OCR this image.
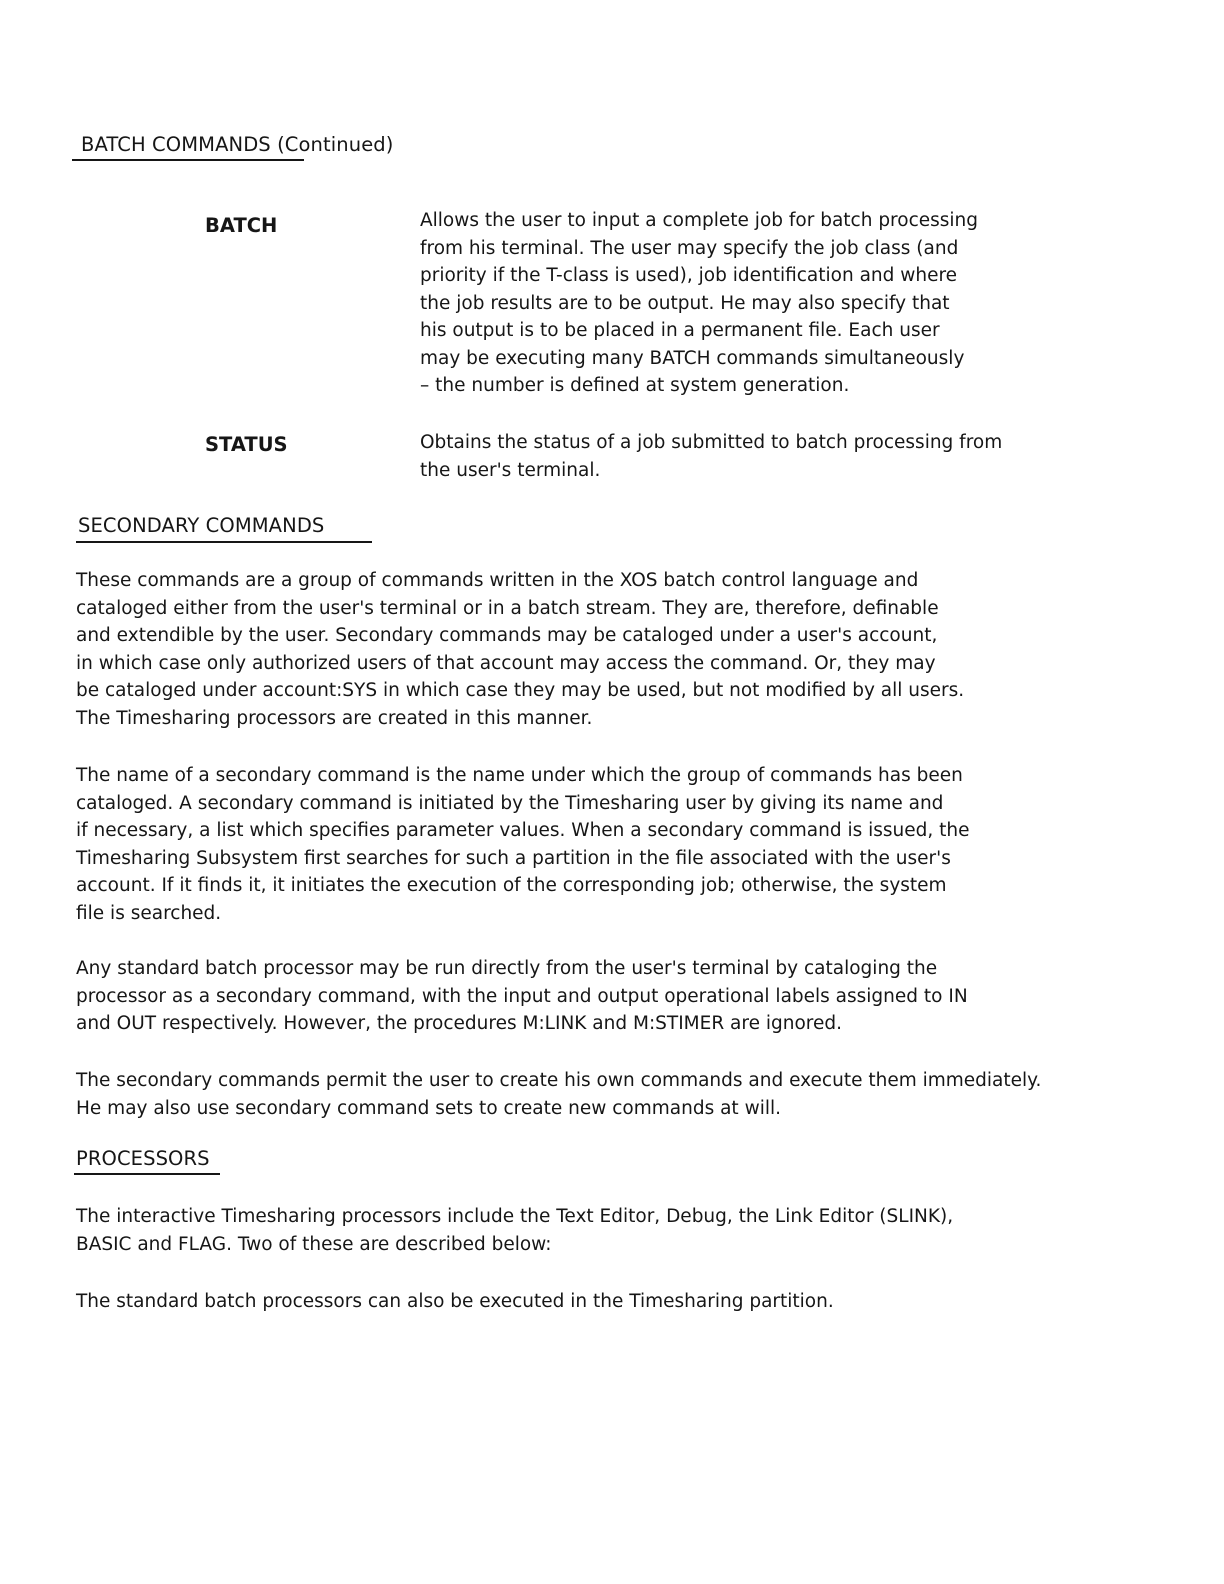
BATCH COMMANDS (Continued)
BATCH	Allows the user to input a complete job for batch processing
from his terminal. The user may specify the job class (and
priority if the T-class is used), job identification and where
the job results are to be output. He may also specify that
his output is to be placed in a permanent file. Each user
may be executing many BATCH commands simultaneously
– the number is defined at system generation.
STATUS	Obtains the status of a job submitted to batch processing from
the user's terminal.
SECONDARY COMMANDS
These commands are a group of commands written in the XOS batch control language and
cataloged either from the user's terminal or in a batch stream. They are, therefore, definable
and extendible by the user. Secondary commands may be cataloged under a user's account,
in which case only authorized users of that account may access the command. Or, they may
be cataloged under account:SYS in which case they may be used, but not modified by all users.
The Timesharing processors are created in this manner.
The name of a secondary command is the name under which the group of commands has been
cataloged. A secondary command is initiated by the Timesharing user by giving its name and
if necessary, a list which specifies parameter values. When a secondary command is issued, the
Timesharing Subsystem first searches for such a partition in the file associated with the user's
account. If it finds it, it initiates the execution of the corresponding job; otherwise, the system
file is searched.
Any standard batch processor may be run directly from the user's terminal by cataloging the
processor as a secondary command, with the input and output operational labels assigned to IN
and OUT respectively. However, the procedures M:LINK and M:STIMER are ignored.
The secondary commands permit the user to create his own commands and execute them immediately.
He may also use secondary command sets to create new commands at will.
PROCESSORS
The interactive Timesharing processors include the Text Editor, Debug, the Link Editor (SLINK),
BASIC and FLAG. Two of these are described below:
The standard batch processors can also be executed in the Timesharing partition.
